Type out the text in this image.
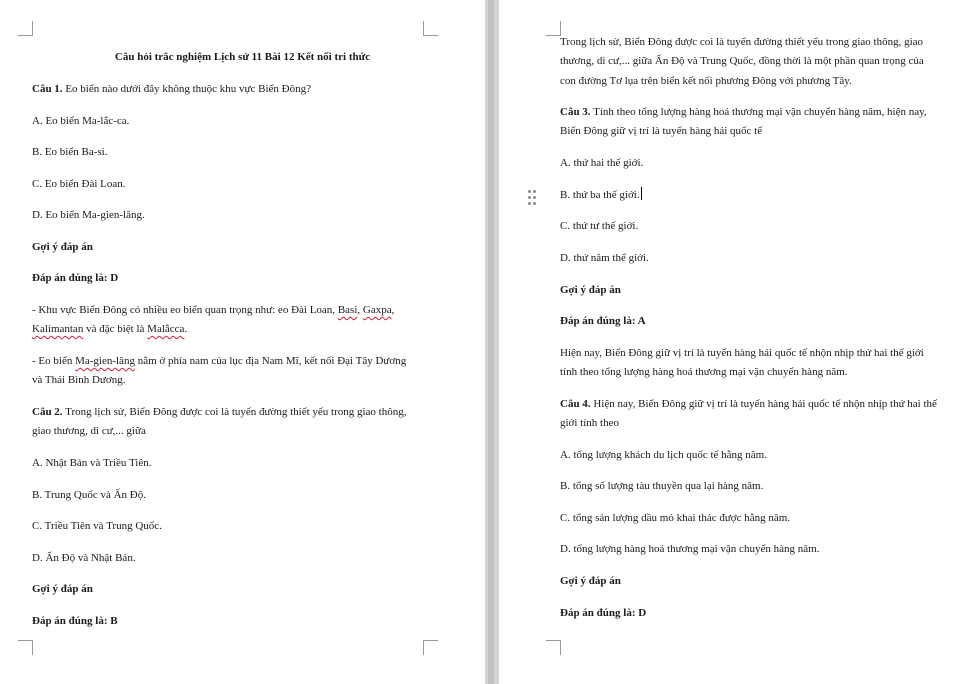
Câu hỏi trắc nghiệm Lịch sử 11 Bài 12 Kết nối tri thức

Câu 1. Eo biển nào dưới đây không thuộc khu vực Biển Đông?

A. Eo biển Ma-lắc-ca.

B. Eo biển Ba-si.

C. Eo biển Đài Loan.

D. Eo biển Ma-gien-lăng.

Gợi ý đáp án

Đáp án đúng là: D

- Khu vực Biển Đông có nhiều eo biển quan trọng như: eo Đài Loan, Basi, Gaxpa,

Kalimantan và đặc biệt là Malắcca.

- Eo biển Ma-gien-lăng nằm ở phía nam của lục địa Nam Mĩ, kết nối Đại Tây Dương

và Thái Bình Dương.

Câu 2. Trong lịch sử, Biển Đông được coi là tuyến đường thiết yếu trong giao thông,

giao thương, di cư,... giữa

A. Nhật Bản và Triều Tiên.

B. Trung Quốc và Ấn Độ.

C. Triều Tiên và Trung Quốc.

D. Ấn Độ và Nhật Bản.

Gợi ý đáp án

Đáp án đúng là: B

Trong lịch sử, Biển Đông được coi là tuyến đường thiết yếu trong giao thông, giao

thương, di cư,... giữa Ấn Độ và Trung Quốc, đồng thời là một phần quan trọng của

con đường Tơ lụa trên biển kết nối phương Đông với phương Tây.

Câu 3. Tính theo tổng lượng hàng hoá thương mại vận chuyển hàng năm, hiện nay,

Biển Đông giữ vị trí là tuyến hàng hải quốc tế

A. thứ hai thế giới.

B. thứ ba thế giới.

C. thứ tư thế giới.

D. thứ năm thế giới.

Gợi ý đáp án

Đáp án đúng là: A

Hiện nay, Biển Đông giữ vị trí là tuyến hàng hải quốc tế nhộn nhịp thứ hai thế giới

tính theo tổng lượng hàng hoá thương mại vận chuyển hàng năm.

Câu 4. Hiện nay, Biển Đông giữ vị trí là tuyến hàng hải quốc tế nhộn nhịp thứ hai thế

giới tính theo

A. tổng lượng khách du lịch quốc tế hằng năm.

B. tổng số lượng tàu thuyền qua lại hàng năm.

C. tổng sản lượng dầu mỏ khai thác được hằng năm.

D. tổng lượng hàng hoá thương mại vận chuyển hàng năm.

Gợi ý đáp án

Đáp án đúng là: D
